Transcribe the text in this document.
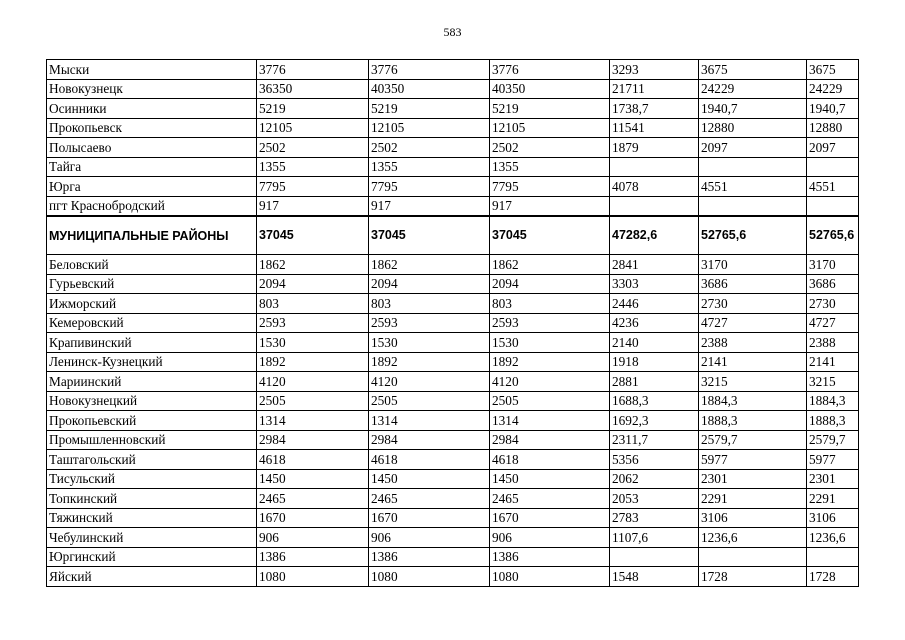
583
Мыски	3776	3776	3776	3293	3675	3675
Новокузнецк	36350	40350	40350	21711	24229	24229
Осинники	5219	5219	5219	1738,7	1940,7	1940,7
Прокопьевск	12105	12105	12105	11541	12880	12880
Полысаево	2502	2502	2502	1879	2097	2097
Тайга	1355	1355	1355			
Юрга	7795	7795	7795	4078	4551	4551
пгт Краснобродский	917	917	917			
МУНИЦИПАЛЬНЫЕ РАЙОНЫ	37045	37045	37045	47282,6	52765,6	52765,6
Беловский	1862	1862	1862	2841	3170	3170
Гурьевский	2094	2094	2094	3303	3686	3686
Ижморский	803	803	803	2446	2730	2730
Кемеровский	2593	2593	2593	4236	4727	4727
Крапивинский	1530	1530	1530	2140	2388	2388
Ленинск-Кузнецкий	1892	1892	1892	1918	2141	2141
Мариинский	4120	4120	4120	2881	3215	3215
Новокузнецкий	2505	2505	2505	1688,3	1884,3	1884,3
Прокопьевский	1314	1314	1314	1692,3	1888,3	1888,3
Промышленновский	2984	2984	2984	2311,7	2579,7	2579,7
Таштагольский	4618	4618	4618	5356	5977	5977
Тисульский	1450	1450	1450	2062	2301	2301
Топкинский	2465	2465	2465	2053	2291	2291
Тяжинский	1670	1670	1670	2783	3106	3106
Чебулинский	906	906	906	1107,6	1236,6	1236,6
Юргинский	1386	1386	1386			
Яйский	1080	1080	1080	1548	1728	1728
